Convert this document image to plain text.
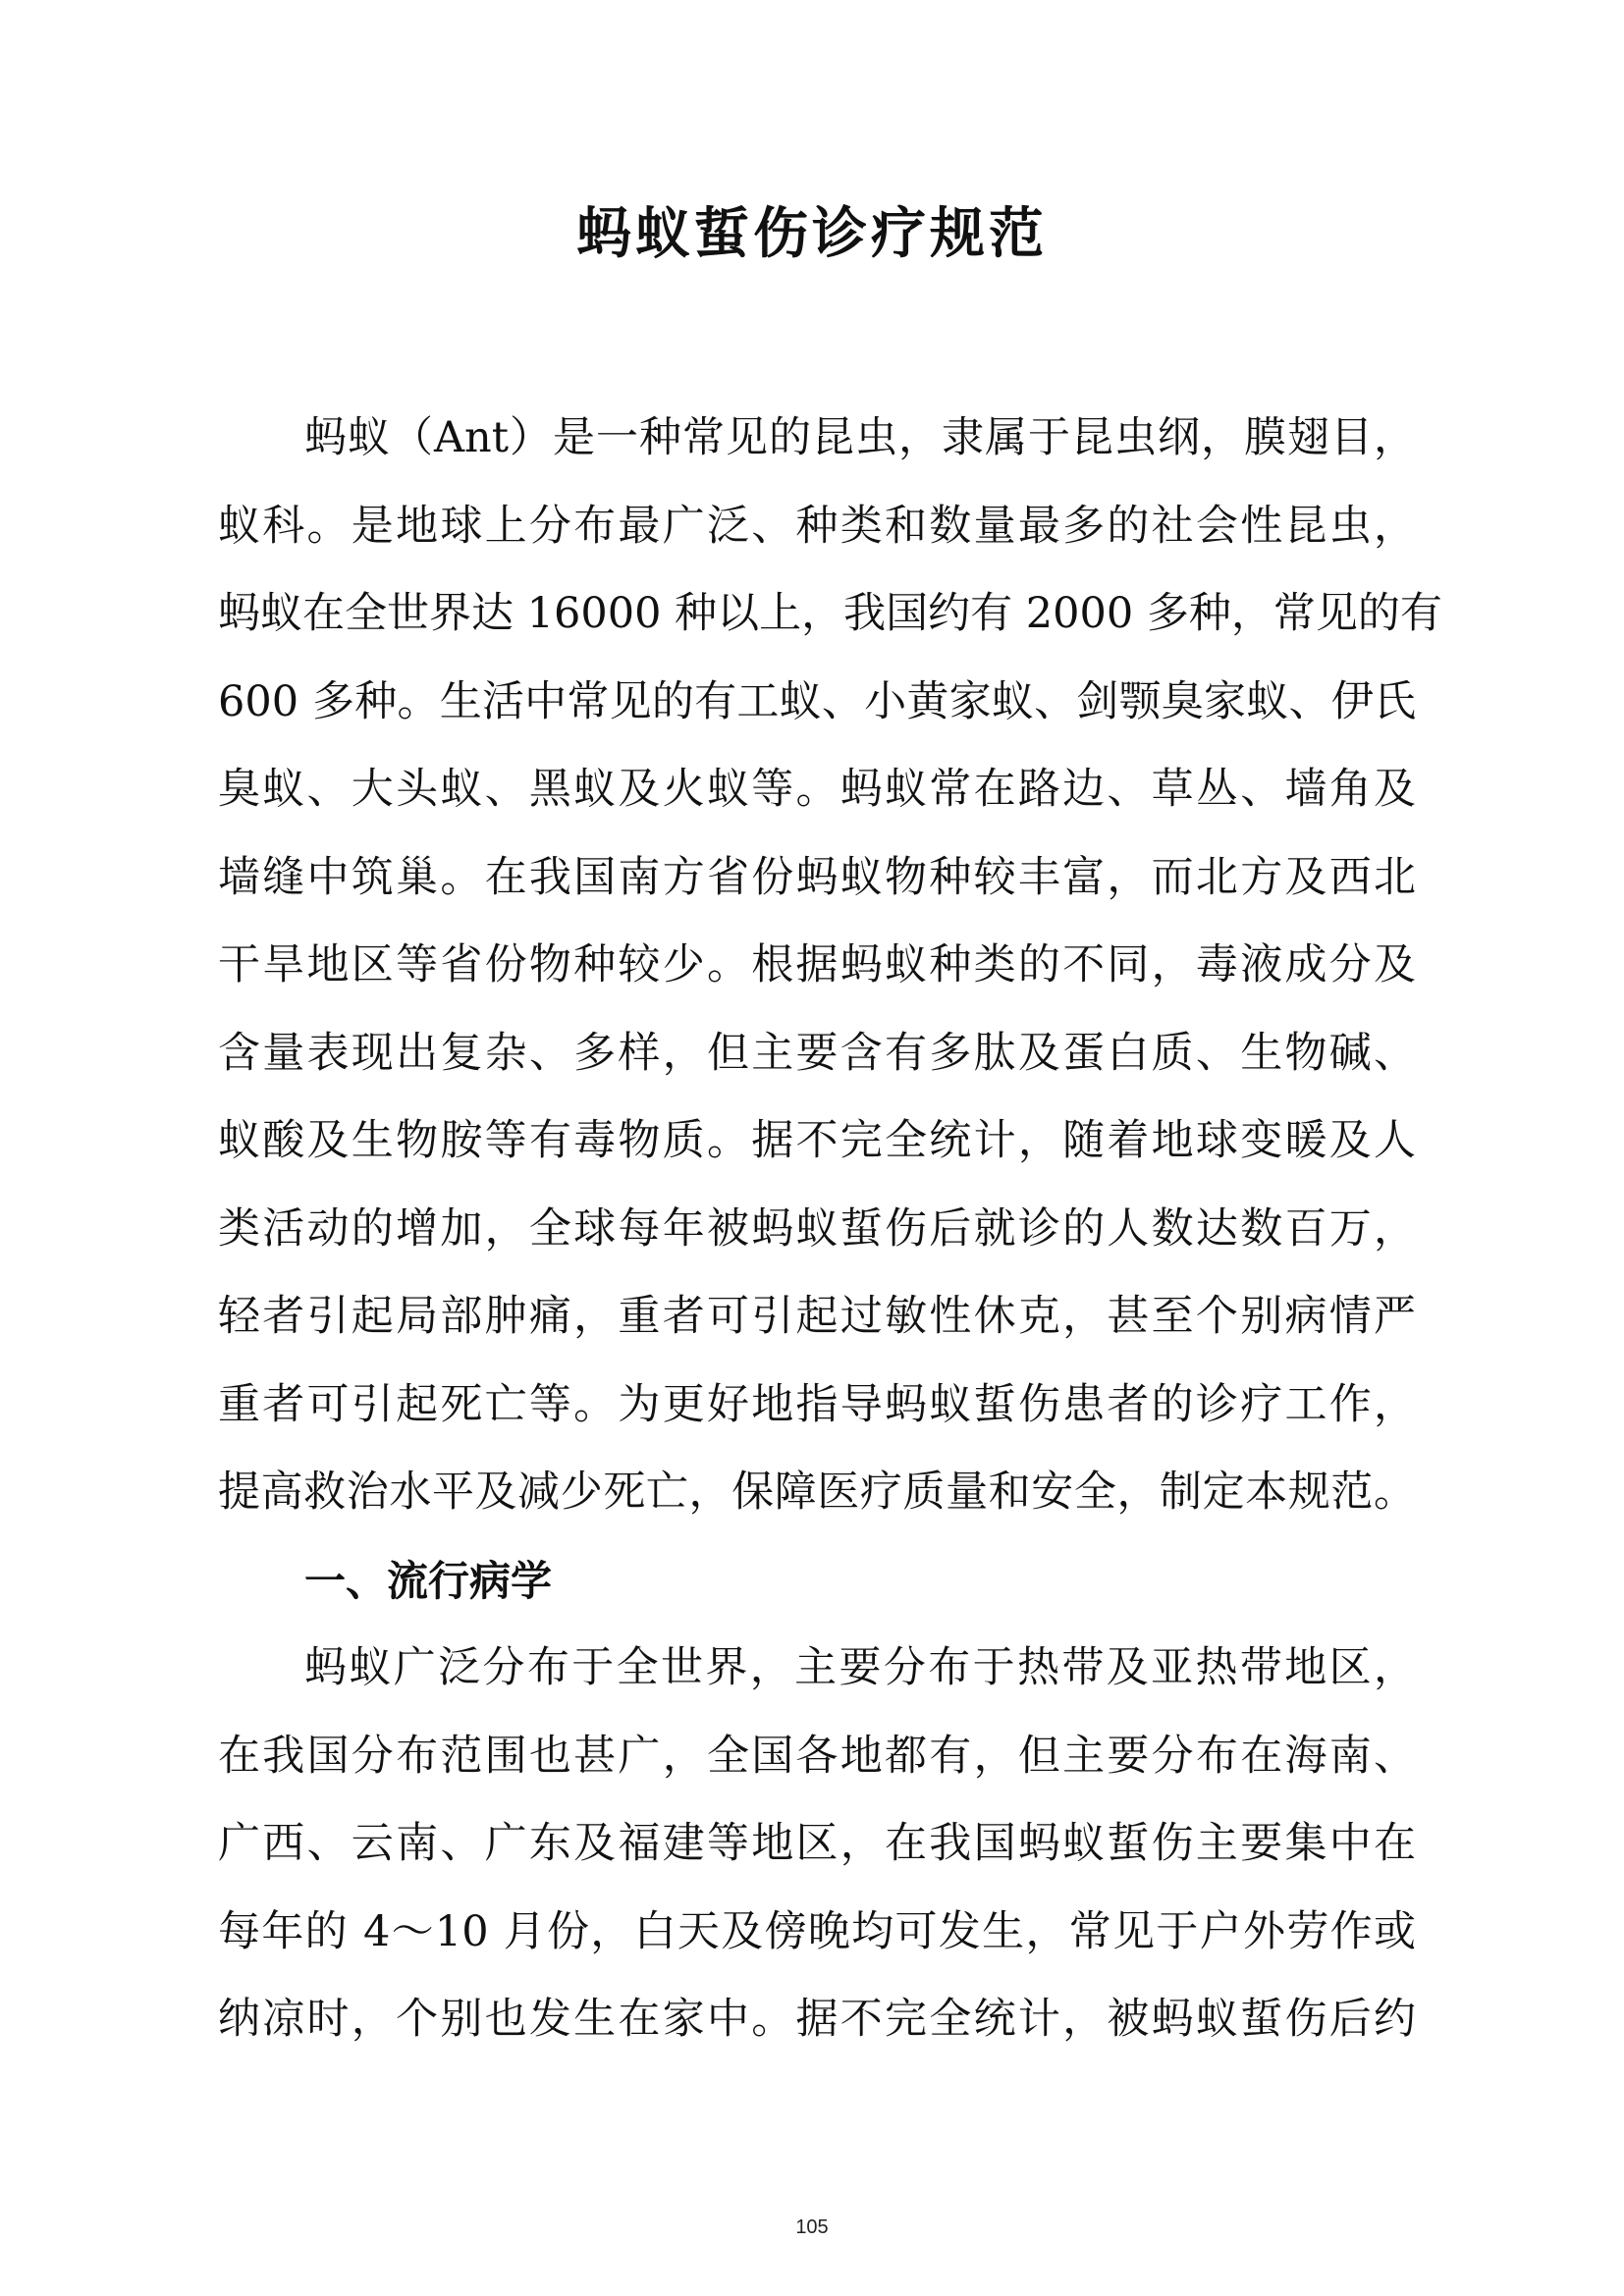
蚂蚁蜇伤诊疗规范
蚂蚁（Ant）是一种常见的昆虫，隶属于昆虫纲，膜翅目，
蚁科。是地球上分布最广泛、种类和数量最多的社会性昆虫，
蚂蚁在全世界达 16000 种以上，我国约有 2000 多种，常见的有
600 多种。生活中常见的有工蚁、小黄家蚁、剑颚臭家蚁、伊氏
臭蚁、大头蚁、黑蚁及火蚁等。蚂蚁常在路边、草丛、墙角及
墙缝中筑巢。在我国南方省份蚂蚁物种较丰富，而北方及西北
干旱地区等省份物种较少。根据蚂蚁种类的不同，毒液成分及
含量表现出复杂、多样，但主要含有多肽及蛋白质、生物碱、
蚁酸及生物胺等有毒物质。据不完全统计，随着地球变暖及人
类活动的增加，全球每年被蚂蚁蜇伤后就诊的人数达数百万，
轻者引起局部肿痛，重者可引起过敏性休克，甚至个别病情严
重者可引起死亡等。为更好地指导蚂蚁蜇伤患者的诊疗工作，
提高救治水平及减少死亡，保障医疗质量和安全，制定本规范。
一、流行病学
蚂蚁广泛分布于全世界，主要分布于热带及亚热带地区，
在我国分布范围也甚广，全国各地都有，但主要分布在海南、
广西、云南、广东及福建等地区，在我国蚂蚁蜇伤主要集中在
每年的 4～10 月份，白天及傍晚均可发生，常见于户外劳作或
纳凉时，个别也发生在家中。据不完全统计，被蚂蚁蜇伤后约
105
